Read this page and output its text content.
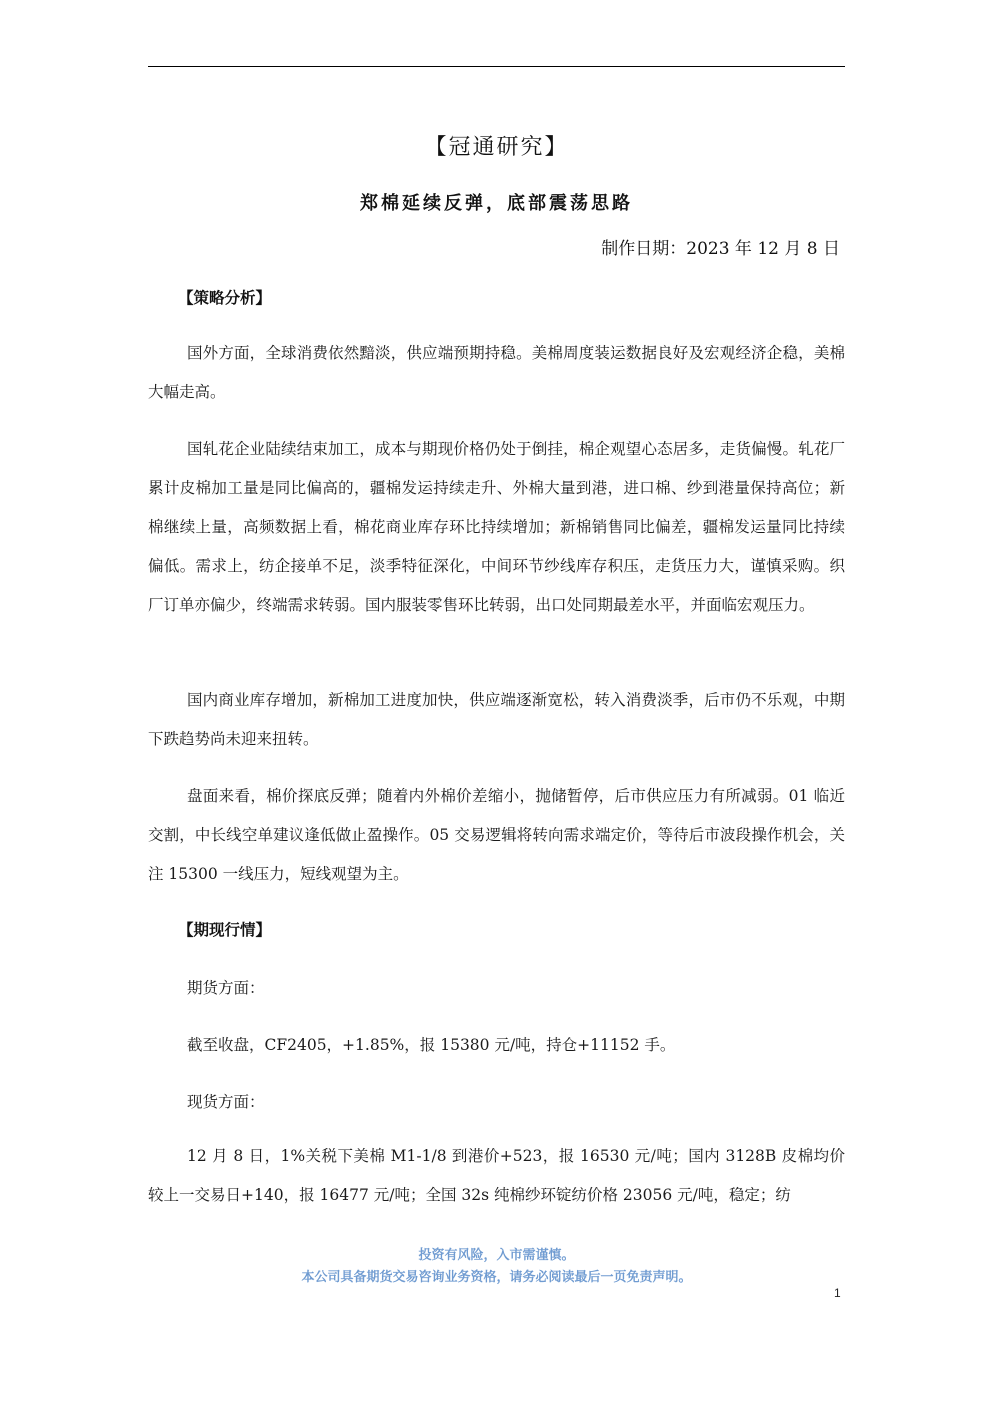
【冠通研究】
郑棉延续反弹，底部震荡思路
制作日期：2023 年 12 月 8 日
【策略分析】
国外方面，全球消费依然黯淡，供应端预期持稳。美棉周度装运数据良好及宏观经济企稳，美棉大幅走高。
国轧花企业陆续结束加工，成本与期现价格仍处于倒挂，棉企观望心态居多，走货偏慢。轧花厂累计皮棉加工量是同比偏高的，疆棉发运持续走升、外棉大量到港，进口棉、纱到港量保持高位；新棉继续上量，高频数据上看，棉花商业库存环比持续增加；新棉销售同比偏差，疆棉发运量同比持续偏低。需求上，纺企接单不足，淡季特征深化，中间环节纱线库存积压，走货压力大，谨慎采购。织厂订单亦偏少，终端需求转弱。国内服装零售环比转弱，出口处同期最差水平，并面临宏观压力。
国内商业库存增加，新棉加工进度加快，供应端逐渐宽松，转入消费淡季，后市仍不乐观，中期下跌趋势尚未迎来扭转。
盘面来看，棉价探底反弹；随着内外棉价差缩小，抛储暂停，后市供应压力有所减弱。01 临近交割，中长线空单建议逢低做止盈操作。05 交易逻辑将转向需求端定价，等待后市波段操作机会，关注 15300 一线压力，短线观望为主。
【期现行情】
期货方面：
截至收盘，CF2405，+1.85%，报 15380 元/吨，持仓+11152 手。
现货方面：
12 月 8 日，1%关税下美棉 M1-1/8 到港价+523，报 16530 元/吨；国内 3128B 皮棉均价较上一交易日+140，报 16477 元/吨；全国 32s 纯棉纱环锭纺价格 23056 元/吨，稳定；纺
投资有风险，入市需谨慎。
本公司具备期货交易咨询业务资格，请务必阅读最后一页免责声明。
1
